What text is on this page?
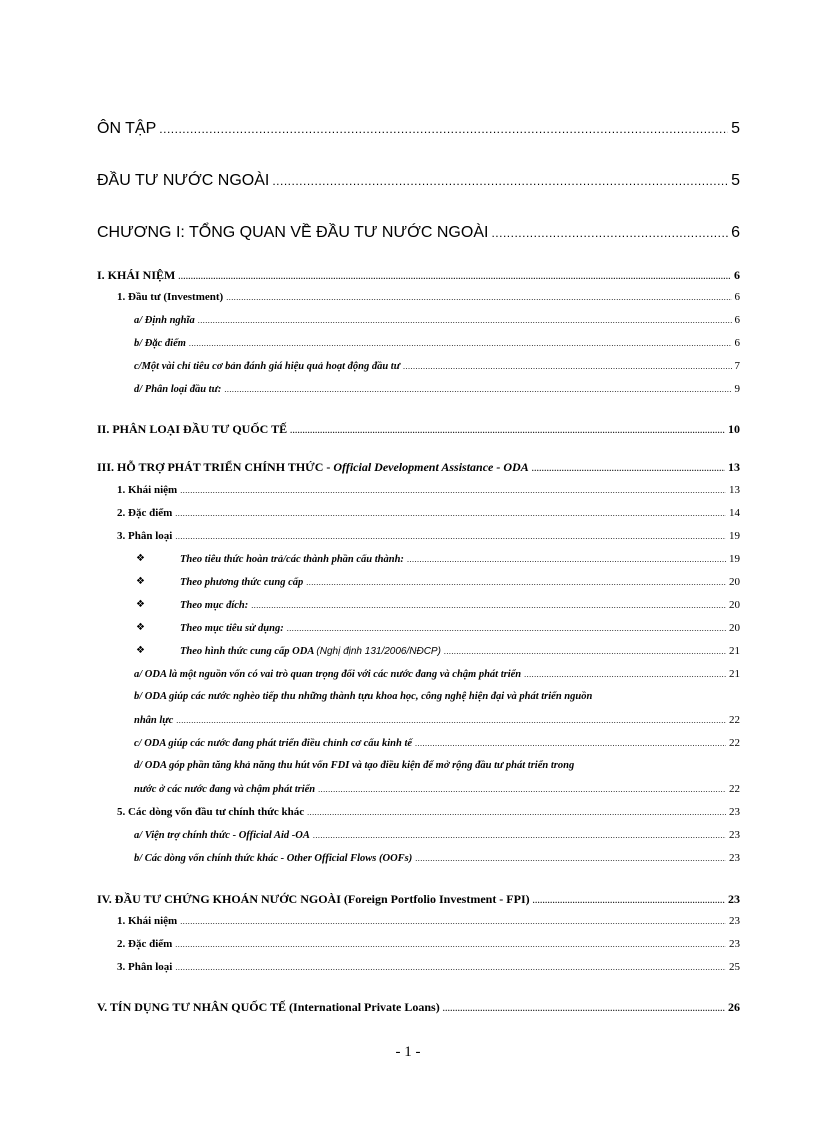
ÔN TẬP .....	5
ĐẦU TƯ NƯỚC NGOÀI .....	5
CHƯƠNG I: TỔNG QUAN VỀ ĐẦU TƯ NƯỚC NGOÀI .....	6
I. KHÁI NIỆM .....	6
1. Đầu tư (Investment) .....	6
a/ Định nghĩa .....	6
b/ Đặc điểm .....	6
c/Một vài chỉ tiêu cơ bản đánh giá hiệu quả hoạt động đầu tư .....	7
d/ Phân loại đầu tư: .....	9
II. PHÂN LOẠI ĐẦU TƯ QUỐC TẾ .....	10
III. HỖ TRỢ PHÁT TRIỂN CHÍNH THỨC - Official Development Assistance - ODA .....	13
1. Khái niệm .....	13
2. Đặc điểm .....	14
3. Phân loại .....	19
❖	Theo tiêu thức hoàn trả/các thành phần cấu thành: .....	19
❖	Theo phương thức cung cấp .....	20
❖	Theo mục đích: .....	20
❖	Theo mục tiêu sử dụng: .....	20
❖	Theo hình thức cung cấp ODA (Nghị định 131/2006/NĐCP) .....	21
a/ ODA là một nguồn vốn có vai trò quan trọng đối với các nước đang và chậm phát triển .....	21
b/ ODA giúp các nước nghèo tiếp thu những thành tựu khoa học, công nghệ hiện đại và phát triển nguồn
nhân lực .....	22
c/ ODA giúp các nước đang phát triển điều chỉnh cơ cấu kinh tế .....	22
d/ ODA góp phần tăng khả năng thu hút vốn FDI và tạo điều kiện để mở rộng đầu tư phát triển trong
nước ở các nước đang và chậm phát triển .....	22
5. Các dòng vốn đầu tư chính thức khác .....	23
a/ Viện trợ chính thức - Official Aid -OA .....	23
b/ Các dòng vốn chính thức khác - Other Official Flows (OOFs) .....	23
IV. ĐẦU TƯ CHỨNG KHOÁN NƯỚC NGOÀI (Foreign Portfolio Investment - FPI) .....	23
1. Khái niệm .....	23
2. Đặc điểm .....	23
3. Phân loại .....	25
V. TÍN DỤNG TƯ NHÂN QUỐC TẾ (International Private Loans) .....	26
- 1 -
